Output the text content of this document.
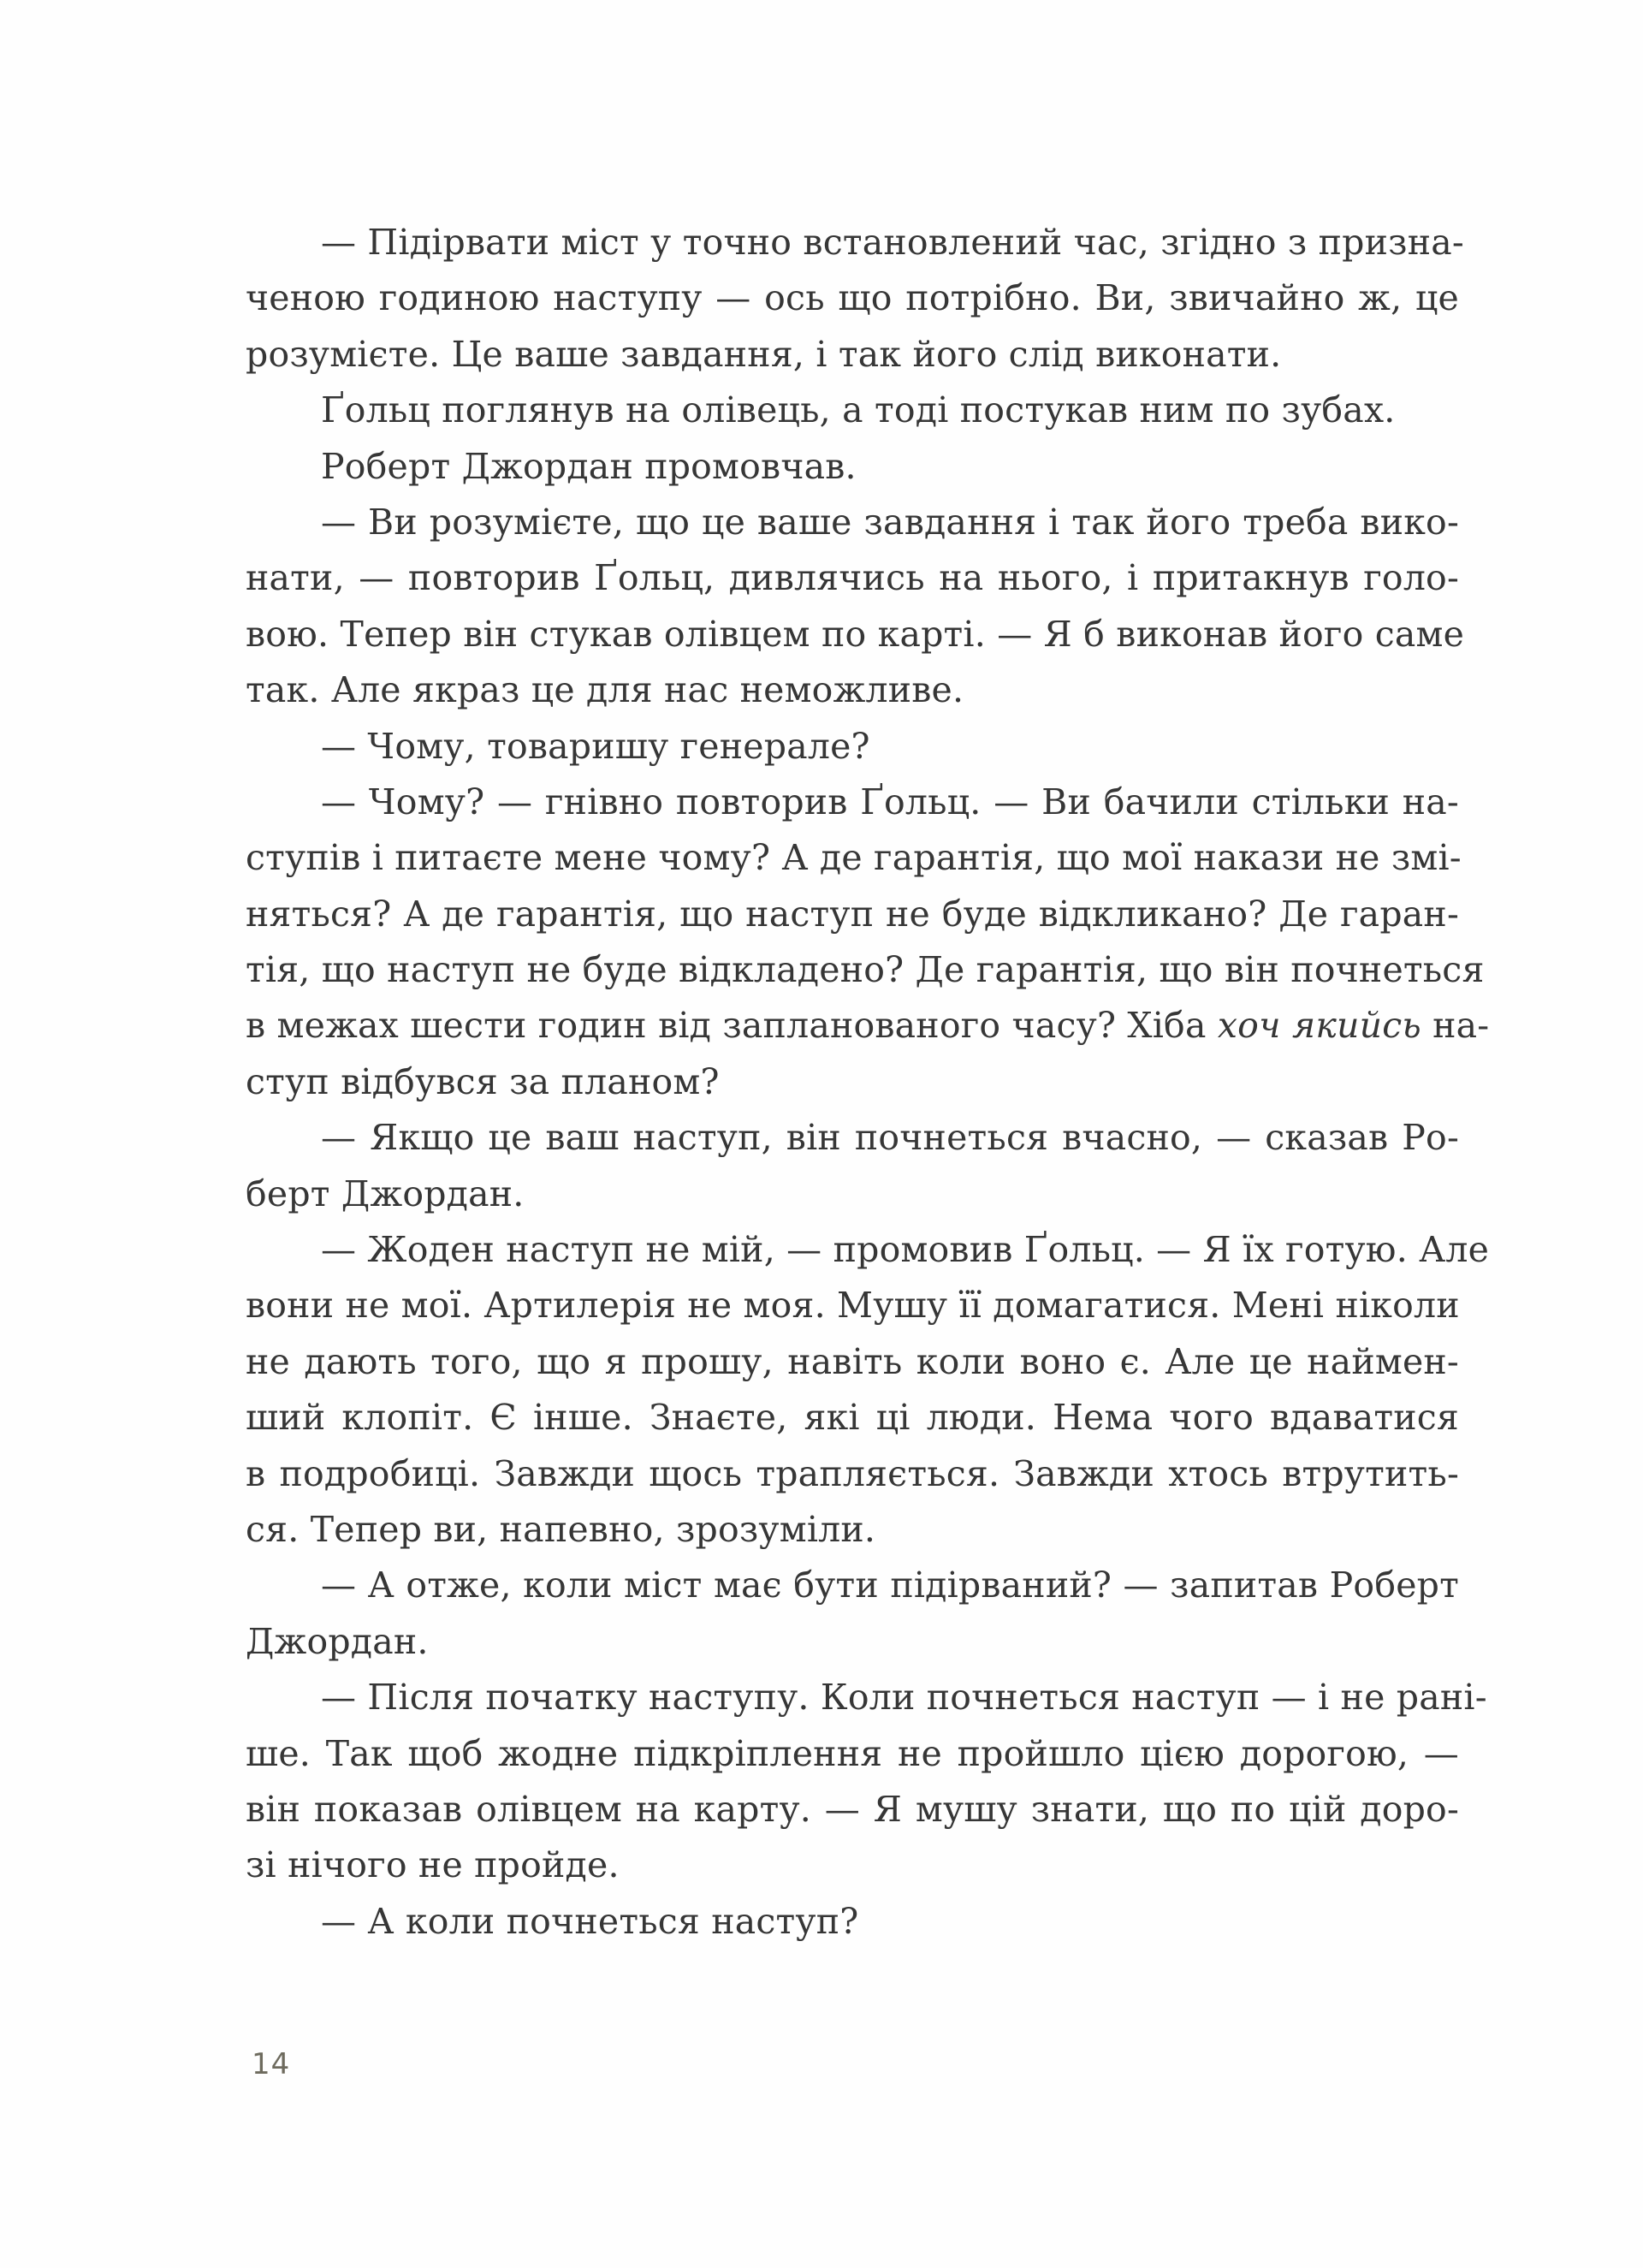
— Підірвати міст у точно встановлений час, згідно з призна-
ченою годиною наступу — ось що потрібно. Ви, звичайно ж, це
розумієте. Це ваше завдання, і так його слід виконати.
Ґольц поглянув на олівець, а тоді постукав ним по зубах.
Роберт Джордан промовчав.
— Ви розумієте, що це ваше завдання і так його треба вико-
нати, — повторив Ґольц, дивлячись на нього, і притакнув голо-
вою. Тепер він стукав олівцем по карті. — Я б виконав його саме
так. Але якраз це для нас неможливе.
— Чому, товаришу генерале?
— Чому? — гнівно повторив Ґольц. — Ви бачили стільки на-
ступів і питаєте мене чому? А де гарантія, що мої накази не змі-
няться? А де гарантія, що наступ не буде відкликано? Де гаран-
тія, що наступ не буде відкладено? Де гарантія, що він почнеться
в межах шести годин від запланованого часу? Хіба хоч якийсь на-
ступ відбувся за планом?
— Якщо це ваш наступ, він почнеться вчасно, — сказав Ро-
берт Джордан.
— Жоден наступ не мій, — промовив Ґольц. — Я їх готую. Але
вони не мої. Артилерія не моя. Мушу її домагатися. Мені ніколи
не дають того, що я прошу, навіть коли воно є. Але це наймен-
ший клопіт. Є інше. Знаєте, які ці люди. Нема чого вдаватися
в подробиці. Завжди щось трапляється. Завжди хтось втрутить-
ся. Тепер ви, напевно, зрозуміли.
— А отже, коли міст має бути підірваний? — запитав Роберт
Джордан.
— Після початку наступу. Коли почнеться наступ — і не рані-
ше. Так щоб жодне підкріплення не пройшло цією дорогою, —
він показав олівцем на карту. — Я мушу знати, що по цій доро-
зі нічого не пройде.
— А коли почнеться наступ?
14
